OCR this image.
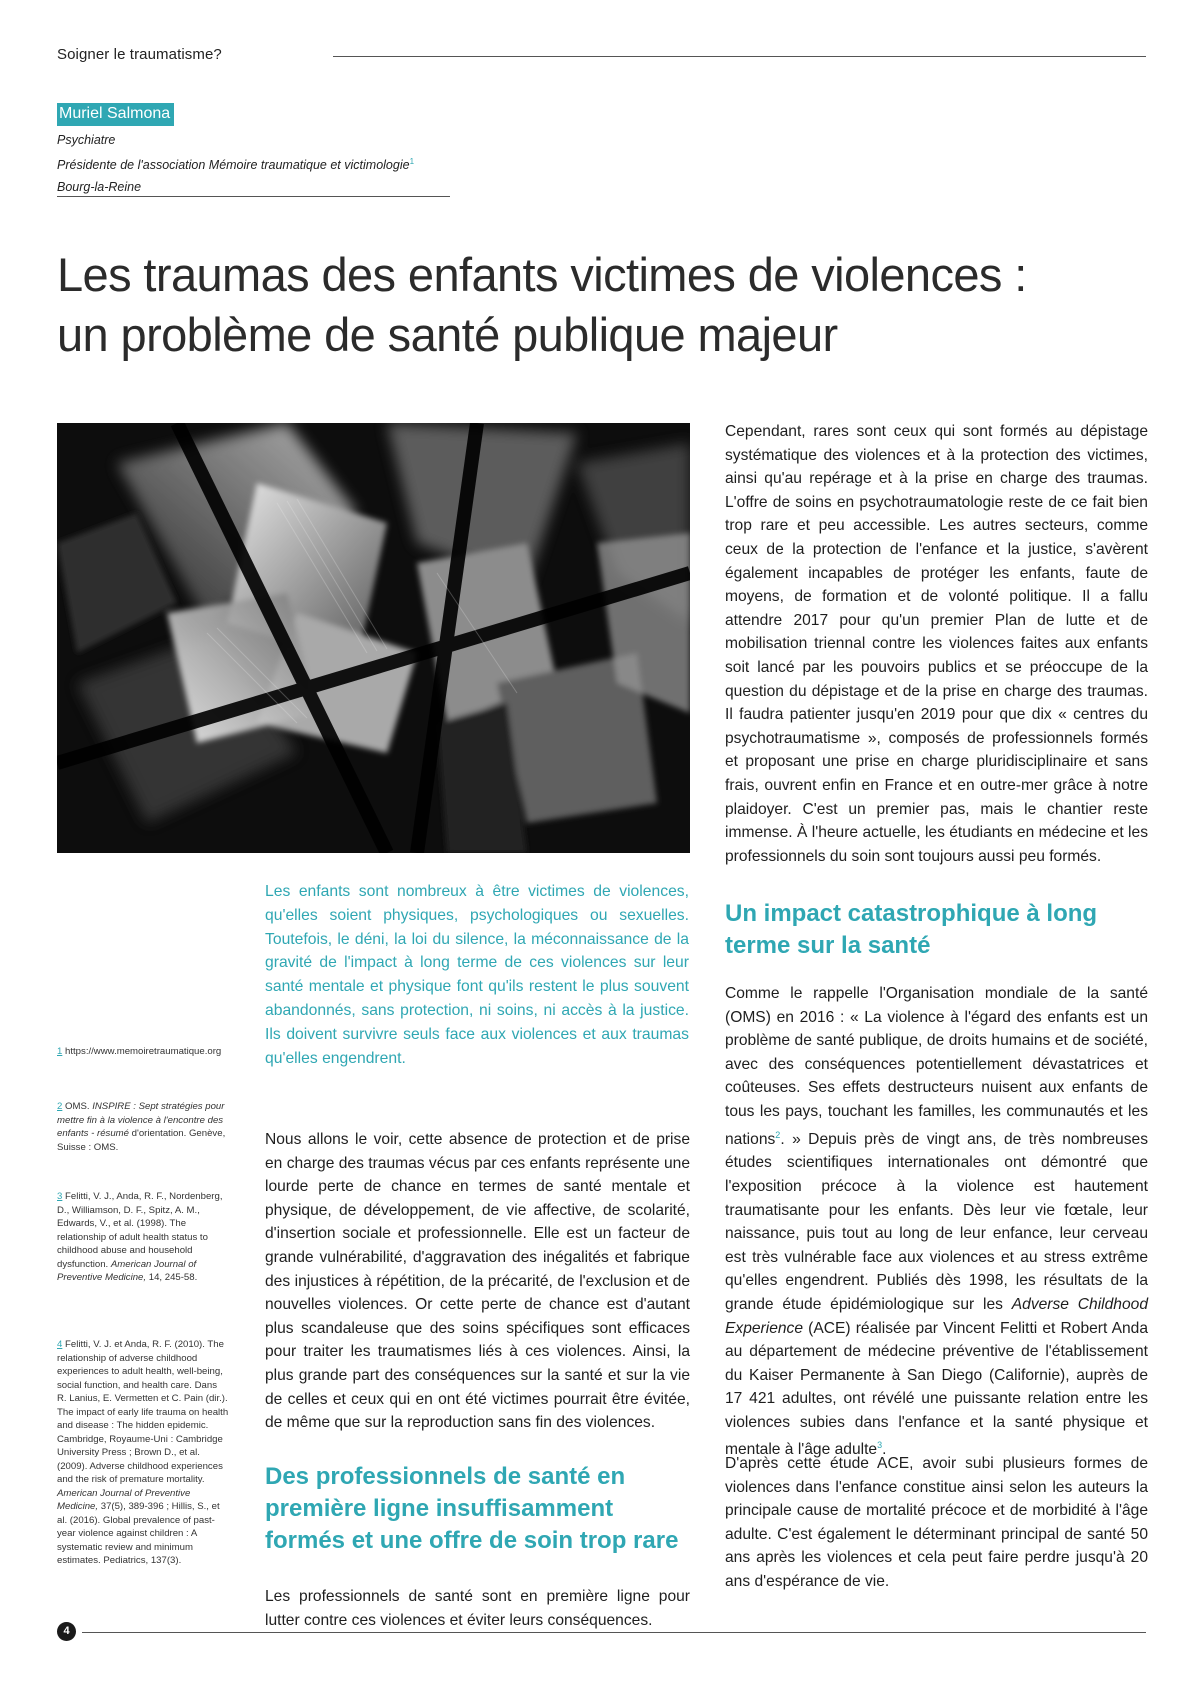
Soigner le traumatisme?
Muriel Salmona
Psychiatre
Présidente de l'association Mémoire traumatique et victimologie$^1$
Bourg-la-Reine
Les traumas des enfants victimes de violences :
un problème de santé publique majeur
Les enfants sont nombreux à être victimes de violences, qu'elles soient physiques, psychologiques ou sexuelles. Toutefois, le déni, la loi du silence, la méconnaissance de la gravité de l'impact à long terme de ces violences sur leur santé mentale et physique font qu'ils restent le plus souvent abandonnés, sans protection, ni soins, ni accès à la justice. Ils doivent survivre seuls face aux violences et aux traumas qu'elles engendrent.
Nous allons le voir, cette absence de protection et de prise en charge des traumas vécus par ces enfants représente une lourde perte de chance en termes de santé mentale et physique, de développement, de vie affective, de scolarité, d'insertion sociale et professionnelle. Elle est un facteur de grande vulnérabilité, d'aggravation des inégalités et fabrique des injustices à répétition, de la précarité, de l'exclusion et de nouvelles violences. Or cette perte de chance est d'autant plus scandaleuse que des soins spécifiques sont efficaces pour traiter les traumatismes liés à ces violences. Ainsi, la plus grande part des conséquences sur la santé et sur la vie de celles et ceux qui en ont été victimes pourrait être évitée, de même que sur la reproduction sans fin des violences.
Des professionnels de santé en première ligne insuffisamment formés et une offre de soin trop rare
Les professionnels de santé sont en première ligne pour lutter contre ces violences et éviter leurs conséquences.
Cependant, rares sont ceux qui sont formés au dépistage systématique des violences et à la protection des victimes, ainsi qu'au repérage et à la prise en charge des traumas. L'offre de soins en psychotraumatologie reste de ce fait bien trop rare et peu accessible. Les autres secteurs, comme ceux de la protection de l'enfance et la justice, s'avèrent également incapables de protéger les enfants, faute de moyens, de formation et de volonté politique. Il a fallu attendre 2017 pour qu'un premier Plan de lutte et de mobilisation triennal contre les violences faites aux enfants soit lancé par les pouvoirs publics et se préoccupe de la question du dépistage et de la prise en charge des traumas. Il faudra patienter jusqu'en 2019 pour que dix « centres du psychotraumatisme », composés de professionnels formés et proposant une prise en charge pluridisciplinaire et sans frais, ouvrent enfin en France et en outre-mer grâce à notre plaidoyer. C'est un premier pas, mais le chantier reste immense. À l'heure actuelle, les étudiants en médecine et les professionnels du soin sont toujours aussi peu formés.
Un impact catastrophique à long terme sur la santé
Comme le rappelle l'Organisation mondiale de la santé (OMS) en 2016 : « La violence à l'égard des enfants est un problème de santé publique, de droits humains et de société, avec des conséquences potentiellement dévastatrices et coûteuses. Ses effets destructeurs nuisent aux enfants de tous les pays, touchant les familles, les communautés et les nations$^2$. » Depuis près de vingt ans, de très nombreuses études scientifiques internationales ont démontré que l'exposition précoce à la violence est hautement traumatisante pour les enfants. Dès leur vie fœtale, leur naissance, puis tout au long de leur enfance, leur cerveau est très vulnérable face aux violences et au stress extrême qu'elles engendrent. Publiés dès 1998, les résultats de la grande étude épidémiologique sur les Adverse Childhood Experience (ACE) réalisée par Vincent Felitti et Robert Anda au département de médecine préventive de l'établissement du Kaiser Permanente à San Diego (Californie), auprès de 17 421 adultes, ont révélé une puissante relation entre les violences subies dans l'enfance et la santé physique et mentale à l'âge adulte$^3$.
D'après cette étude ACE, avoir subi plusieurs formes de violences dans l'enfance constitue ainsi selon les auteurs la principale cause de mortalité précoce et de morbidité à l'âge adulte. C'est également le déterminant principal de santé 50 ans après les violences et cela peut faire perdre jusqu'à 20 ans d'espérance de vie.
1 https://www.memoiretraumatique.org
2 OMS. INSPIRE : Sept stratégies pour mettre fin à la violence à l'encontre des enfants - résumé d'orientation. Genève, Suisse : OMS.
3 Felitti, V. J., Anda, R. F., Nordenberg, D., Williamson, D. F., Spitz, A. M., Edwards, V., et al. (1998). The relationship of adult health status to childhood abuse and household dysfunction. American Journal of Preventive Medicine, 14, 245-58.
4 Felitti, V. J. et Anda, R. F. (2010). The relationship of adverse childhood experiences to adult health, well-being, social function, and health care. Dans R. Lanius, E. Vermetten et C. Pain (dir.). The impact of early life trauma on health and disease : The hidden epidemic. Cambridge, Royaume-Uni : Cambridge University Press ; Brown D., et al. (2009). Adverse childhood experiences and the risk of premature mortality. American Journal of Preventive Medicine, 37(5), 389-396 ; Hillis, S., et al. (2016). Global prevalence of past-year violence against children : A systematic review and minimum estimates. Pediatrics, 137(3).
4
